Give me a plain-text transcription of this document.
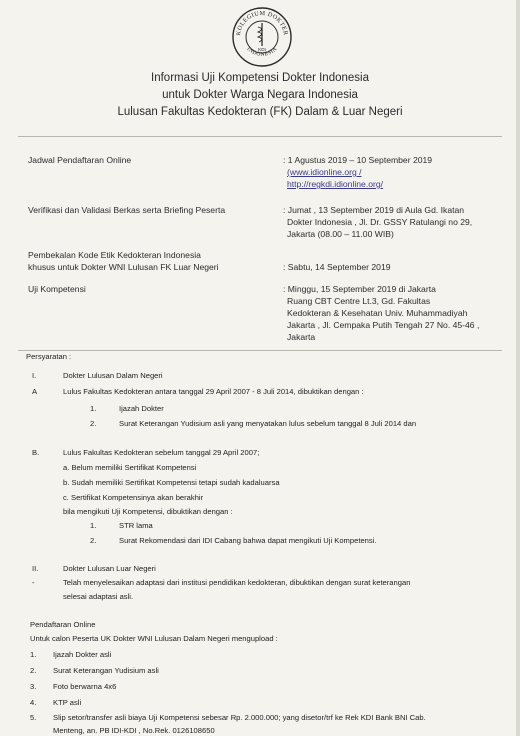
KOLEGIUM DOKTER
INDONESIA
KDI
Informasi Uji Kompetensi Dokter Indonesia
untuk Dokter Warga Negara Indonesia
Lulusan Fakultas Kedokteran (FK) Dalam & Luar Negeri
Jadwal Pendaftaran Online	: 1 Agustus 2019 – 10 September 2019
(www.idionline.org /
http://regkdi.idionline.org/
Verifikasi dan Validasi Berkas serta Briefing Peserta	: Jumat , 13 September 2019 di Aula Gd. Ikatan
Dokter Indonesia , Jl. Dr. GSSY Ratulangi no 29,
Jakarta (08.00 – 11.00 WIB)
Pembekalan Kode Etik Kedokteran Indonesia
khusus untuk Dokter WNI Lulusan FK Luar Negeri	: Sabtu, 14 September 2019
Uji Kompetensi	: Minggu, 15 September 2019 di Jakarta
Ruang CBT Centre Lt.3, Gd. Fakultas
Kedokteran & Kesehatan Univ. Muhammadiyah
Jakarta , Jl. Cempaka Putih Tengah 27 No. 45-46 ,
Jakarta
Persyaratan :
I.	Dokter Lulusan Dalam Negeri
A	Lulus Fakultas Kedokteran antara tanggal 29 April 2007 - 8 Juli 2014, dibuktikan dengan :
1.	Ijazah Dokter
2.	Surat Keterangan Yudisium asli yang menyatakan lulus sebelum tanggal 8 Juli 2014 dan
B.	Lulus Fakultas Kedokteran sebelum tanggal 29 April 2007;
a. Belum memiliki Sertifikat Kompetensi
b. Sudah memiliki Sertifikat Kompetensi tetapi sudah kadaluarsa
c. Sertifikat Kompetensinya akan berakhir
bila mengikuti Uji Kompetensi, dibuktikan dengan :
1.	STR lama
2.	Surat Rekomendasi dari IDI Cabang bahwa dapat mengikuti Uji Kompetensi.
II.	Dokter Lulusan Luar Negeri
-	Telah menyelesaikan adaptasi dari institusi pendidikan kedokteran, dibuktikan dengan surat keterangan
selesai adaptasi asli.
Pendaftaran Online
Untuk calon Peserta UK Dokter WNI Lulusan Dalam Negeri mengupload :
1. Ijazah Dokter asli
2. Surat Keterangan Yudisium asli
3. Foto berwarna 4x6
4. KTP asli
5. Slip setor/transfer asli biaya Uji Kompetensi sebesar Rp. 2.000.000; yang disetor/trf ke Rek KDI Bank BNI Cab.
Menteng, an. PB IDI-KDI , No.Rek. 0126108650
